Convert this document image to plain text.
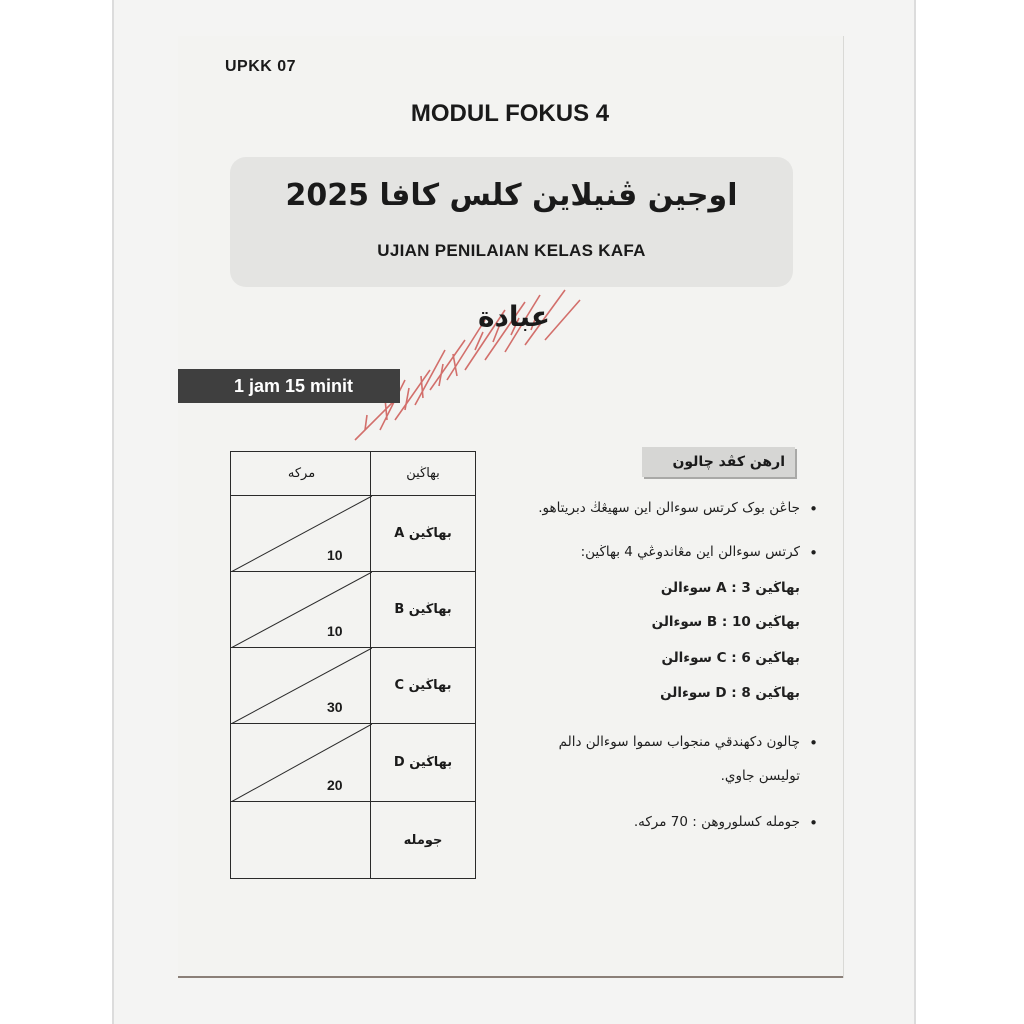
UPKK 07
MODUL FOKUS 4
اوجين ڤنيلاين كلس كافا 2025
UJIAN PENILAIAN KELAS KAFA
عبادة
1 jam 15 minit
مركه	بهاڬين
10
بهاڬين A
10
بهاڬين B
30
بهاڬين C
20
بهاڬين D
جومله
ارهن كڤد چالون
• جاڠن بوک كرتس سوءالن اين سهيڠڬ دبريتاهو.
• كرتس سوءالن اين مڠاندوڠي 4 بهاڬين:
بهاڬين A : 3 سوءالن
بهاڬين B : 10 سوءالن
بهاڬين C : 6 سوءالن
بهاڬين D : 8 سوءالن
• چالون دكهندقي منجواب سموا سوءالن دالم
توليسن جاوي.
• جومله كسلوروهن : 70 مركه.
